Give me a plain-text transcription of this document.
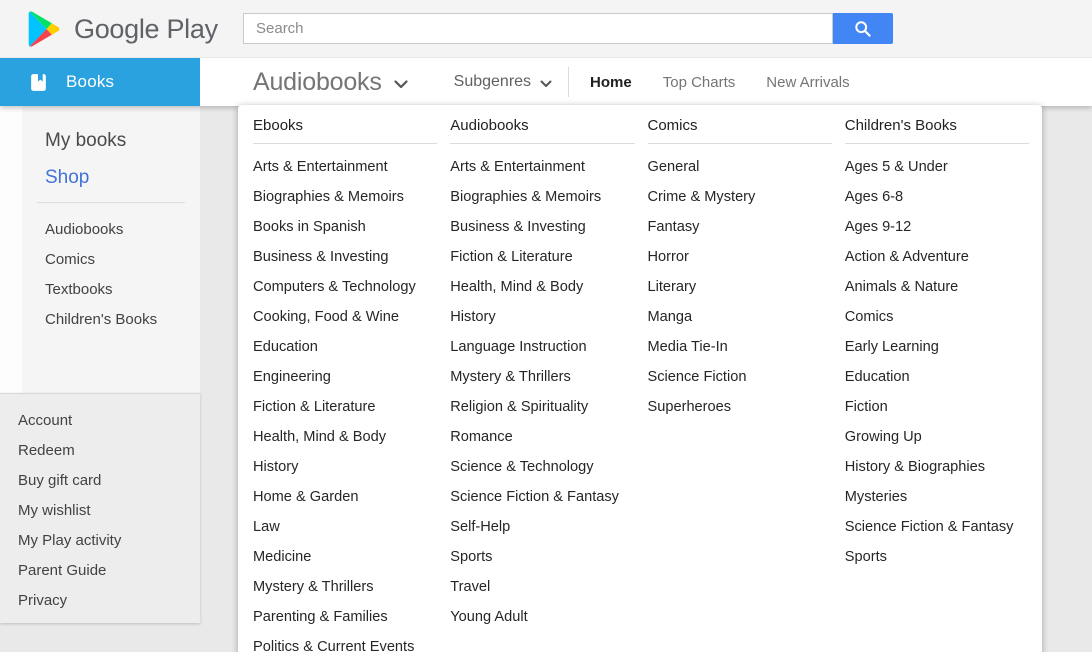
Google Play
Search
Books	Audiobooks	Subgenres	Home Top Charts New Arrivals
My books
Shop
Audiobooks
Comics
Textbooks
Children's Books
Account
Redeem
Buy gift card
My wishlist
My Play activity
Parent Guide
Privacy
Ebooks
Arts & Entertainment
Biographies & Memoirs
Books in Spanish
Business & Investing
Computers & Technology
Cooking, Food & Wine
Education
Engineering
Fiction & Literature
Health, Mind & Body
History
Home & Garden
Law
Medicine
Mystery & Thrillers
Parenting & Families
Politics & Current Events
Audiobooks
Arts & Entertainment
Biographies & Memoirs
Business & Investing
Fiction & Literature
Health, Mind & Body
History
Language Instruction
Mystery & Thrillers
Religion & Spirituality
Romance
Science & Technology
Science Fiction & Fantasy
Self-Help
Sports
Travel
Young Adult
Comics
General
Crime & Mystery
Fantasy
Horror
Literary
Manga
Media Tie-In
Science Fiction
Superheroes
Children's Books
Ages 5 & Under
Ages 6-8
Ages 9-12
Action & Adventure
Animals & Nature
Comics
Early Learning
Education
Fiction
Growing Up
History & Biographies
Mysteries
Science Fiction & Fantasy
Sports
